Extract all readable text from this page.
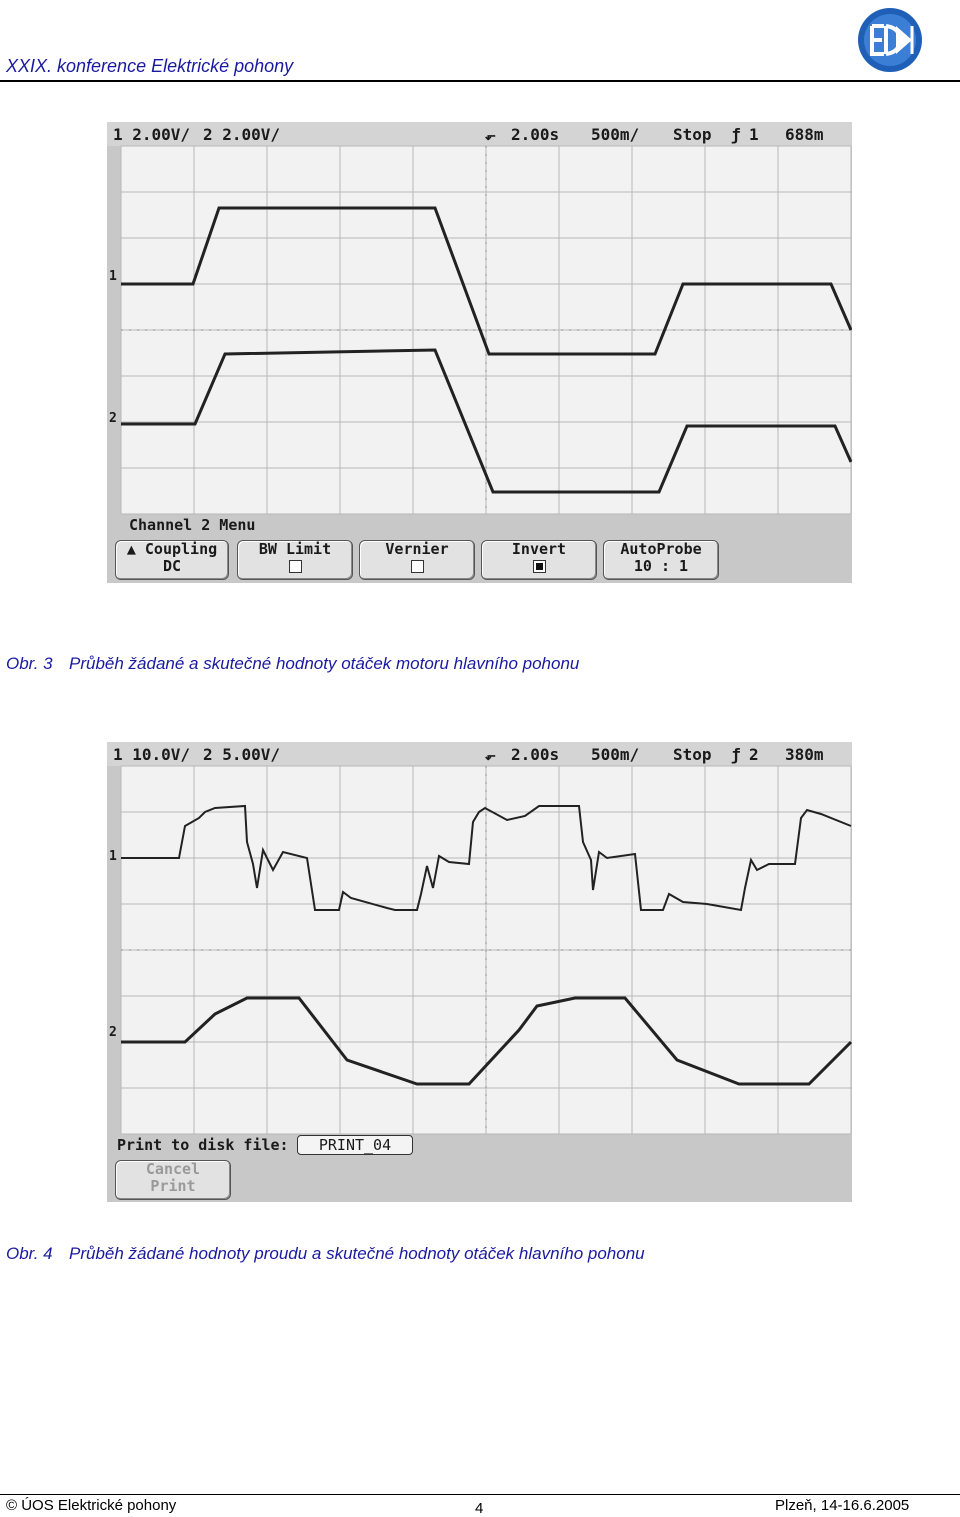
XXIX. konference Elektrické pohony
1 2.00V/ 2 2.00V/	⬐ 2.00s 500m/ Stop ƒ 1 688m
1
2
Channel 2 Menu
▲ Coupling
DC
BW Limit	Vernier	Invert	AutoProbe
10 : 1
Obr. 3 Průběh žádané a skutečné hodnoty otáček motoru hlavního pohonu
1 10.0V/ 2 5.00V/	⬐ 2.00s 500m/ Stop ƒ 2 380m
1
2
Print to disk file:	PRINT_04
Cancel
Print
Obr. 4 Průběh žádané hodnoty proudu a skutečné hodnoty otáček hlavního pohonu
© ÚOS Elektrické pohony	4	Plzeň, 14-16.6.2005
